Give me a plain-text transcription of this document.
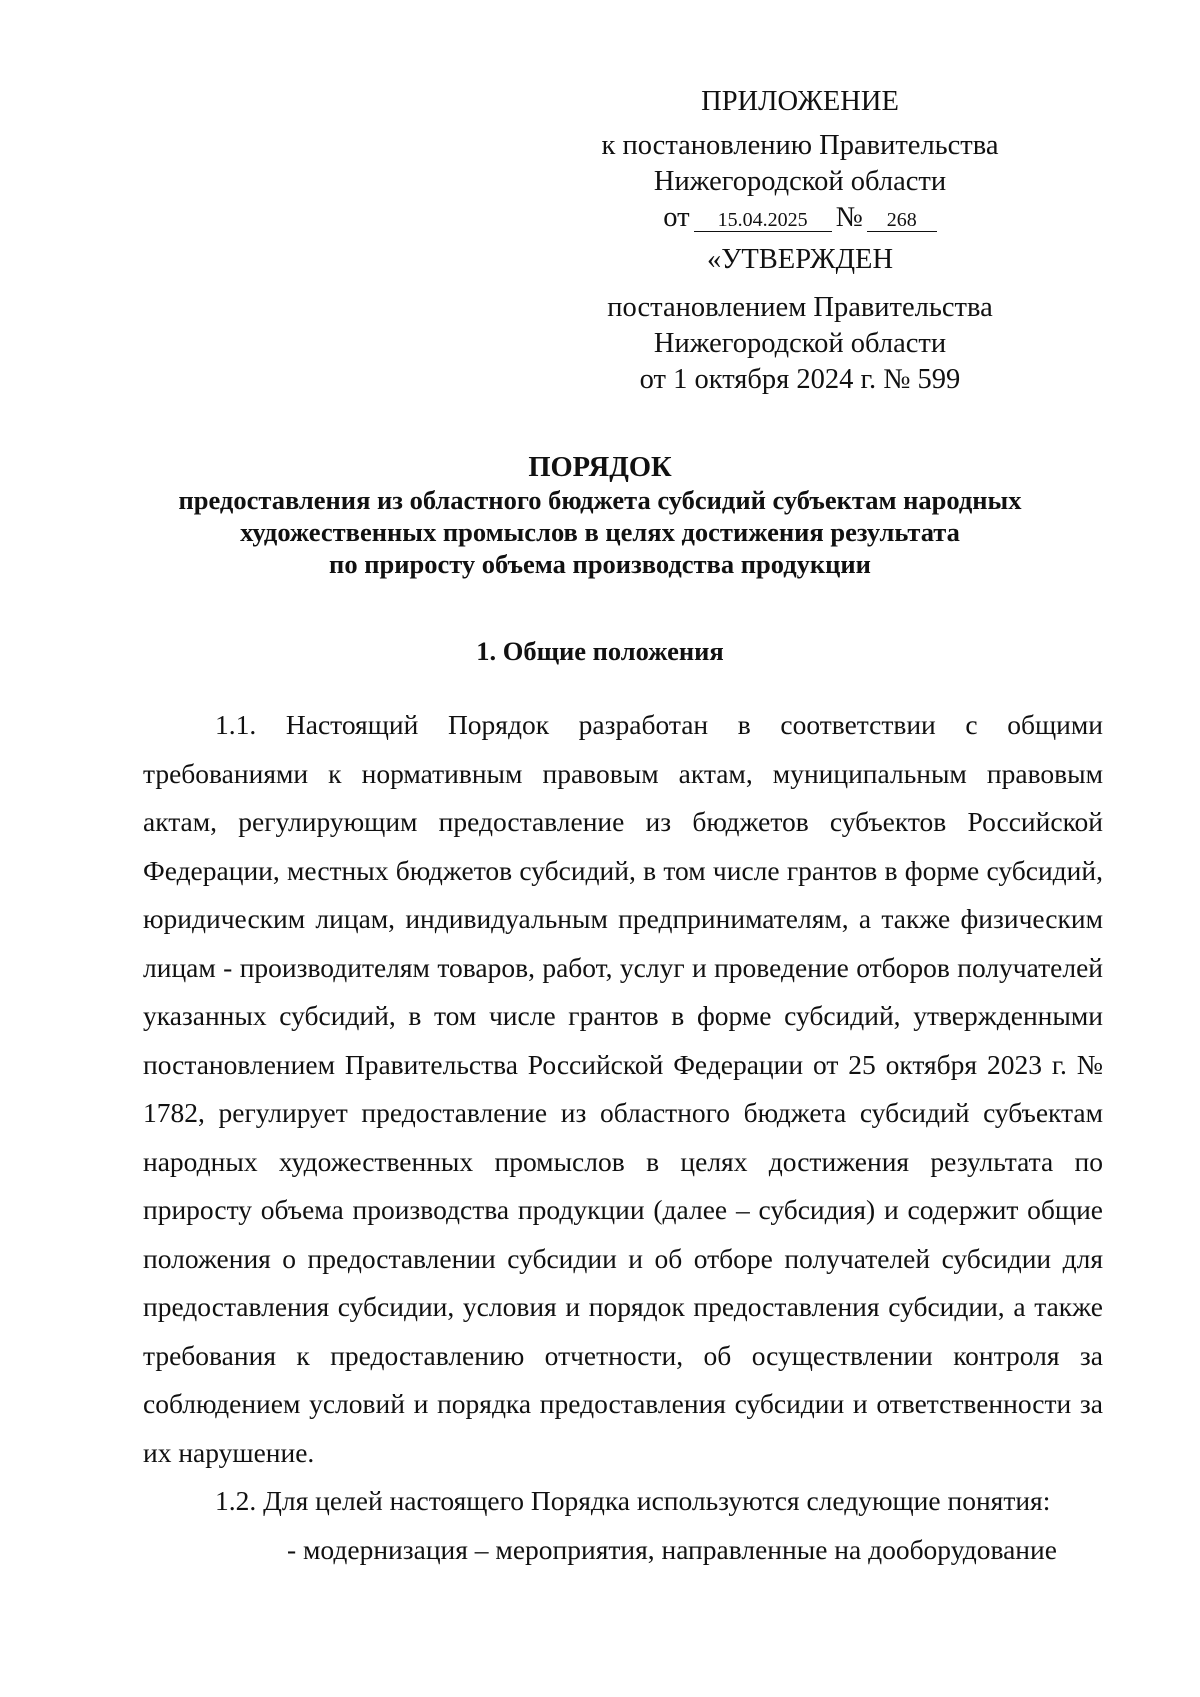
ПРИЛОЖЕНИЕ
к постановлению Правительства
Нижегородской области
от	15.04.2025 №	268
«УТВЕРЖДЕН
постановлением Правительства
Нижегородской области
от 1 октября 2024 г. № 599
ПОРЯДОК
предоставления из областного бюджета субсидий субъектам народных
художественных промыслов в целях достижения результата
по приросту объема производства продукции
1. Общие положения

1.1. Настоящий Порядок разработан в соответствии с общими требованиями к нормативным правовым актам, муниципальным правовым актам, регулирующим предоставление из бюджетов субъектов Российской Федерации, местных бюджетов субсидий, в том числе грантов в форме субсидий, юридическим лицам, индивидуальным предпринимателям, а также физическим лицам - производителям товаров, работ, услуг и проведение отборов получателей указанных субсидий, в том числе грантов в форме субсидий, утвержденными постановлением Правительства Российской Федерации от 25 октября 2023 г. № 1782, регулирует предоставление из областного бюджета субсидий субъектам народных художественных промыслов в целях достижения результата по приросту объема производства продукции (далее – субсидия) и содержит общие положения о предоставлении субсидии и об отборе получателей субсидии для предоставления субсидии, условия и порядок предоставления субсидии, а также требования к предоставлению отчетности, об осуществлении контроля за соблюдением условий и порядка предоставления субсидии и ответственности за их нарушение.

1.2. Для целей настоящего Порядка используются следующие понятия:

- модернизация – мероприятия, направленные на дооборудование
